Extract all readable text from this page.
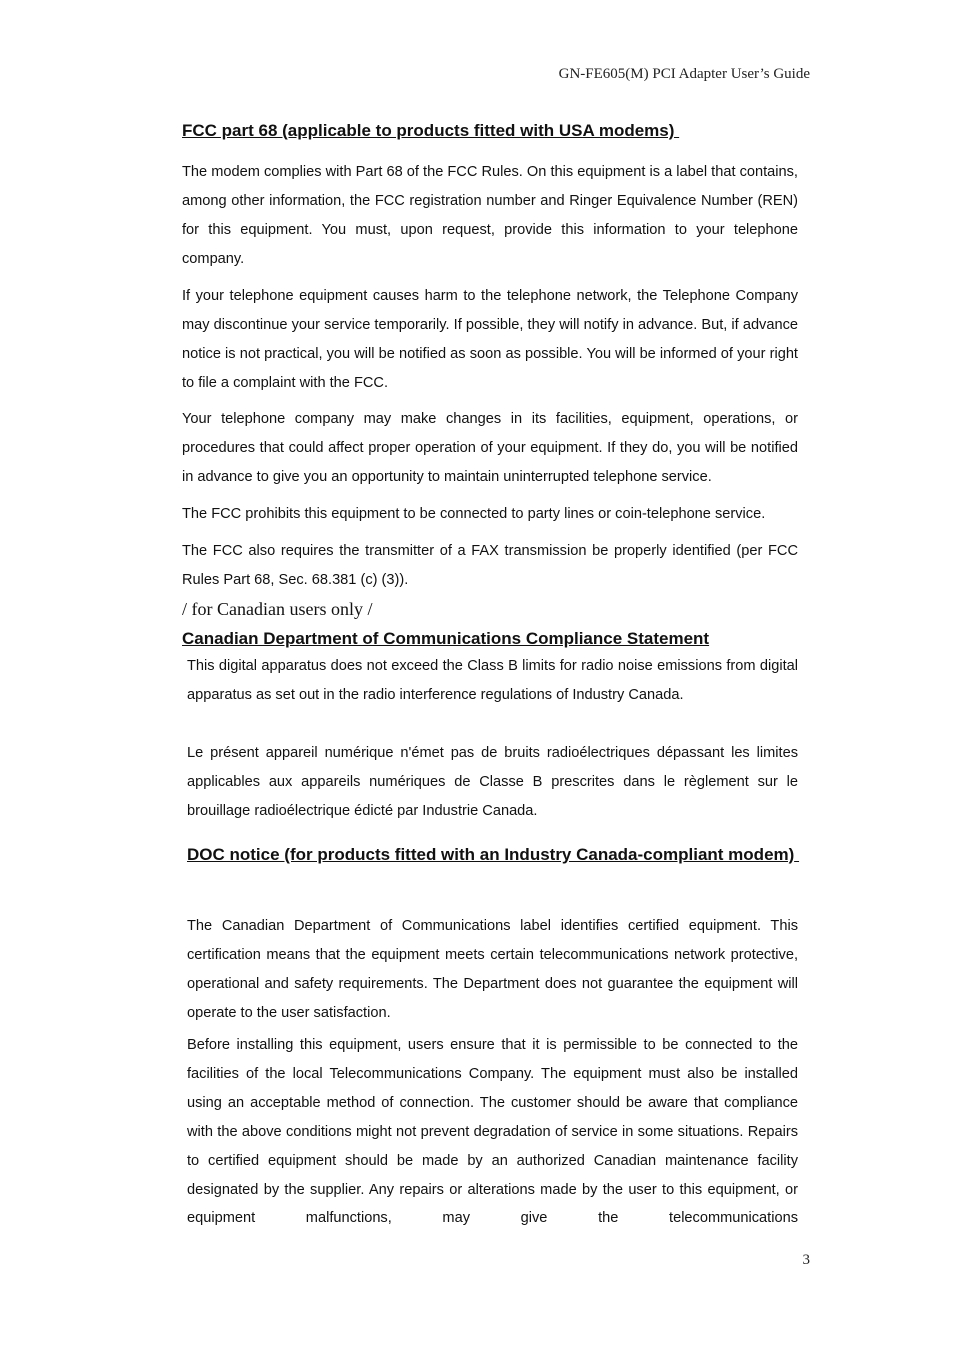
GN-FE605(M) PCI Adapter User’s Guide

FCC part 68 (applicable to products fitted with USA modems)

The modem complies with Part 68 of the FCC Rules. On this equipment is a label that contains, among other information, the FCC registration number and Ringer Equivalence Number (REN) for this equipment. You must, upon request, provide this information to your telephone company.

If your telephone equipment causes harm to the telephone network, the Telephone Company may discontinue your service temporarily. If possible, they will notify in advance. But, if advance notice is not practical, you will be notified as soon as possible. You will be informed of your right to file a complaint with the FCC.

Your telephone company may make changes in its facilities, equipment, operations, or procedures that could affect proper operation of your equipment. If they do, you will be notified in advance to give you an opportunity to maintain uninterrupted telephone service.

The FCC prohibits this equipment to be connected to party lines or coin-telephone service.

The FCC also requires the transmitter of a FAX transmission be properly identified (per FCC Rules Part 68, Sec. 68.381 (c) (3)).

/ for Canadian users only /

Canadian Department of Communications Compliance Statement

This digital apparatus does not exceed the Class B limits for radio noise emissions from digital apparatus as set out in the radio interference regulations of Industry Canada.

Le présent appareil numérique n'émet pas de bruits radioélectriques dépassant les limites applicables aux appareils numériques de Classe B prescrites dans le règlement sur le brouillage radioélectrique édicté par Industrie Canada.

DOC notice (for products fitted with an Industry Canada-compliant modem)

The Canadian Department of Communications label identifies certified equipment. This certification means that the equipment meets certain telecommunications network protective, operational and safety requirements. The Department does not guarantee the equipment will operate to the user satisfaction.

Before installing this equipment, users ensure that it is permissible to be connected to the facilities of the local Telecommunications Company. The equipment must also be installed using an acceptable method of connection. The customer should be aware that compliance with the above conditions might not prevent degradation of service in some situations. Repairs to certified equipment should be made by an authorized Canadian maintenance facility designated by the supplier. Any repairs or alterations made by the user to this equipment, or equipment malfunctions, may give the telecommunications

3
